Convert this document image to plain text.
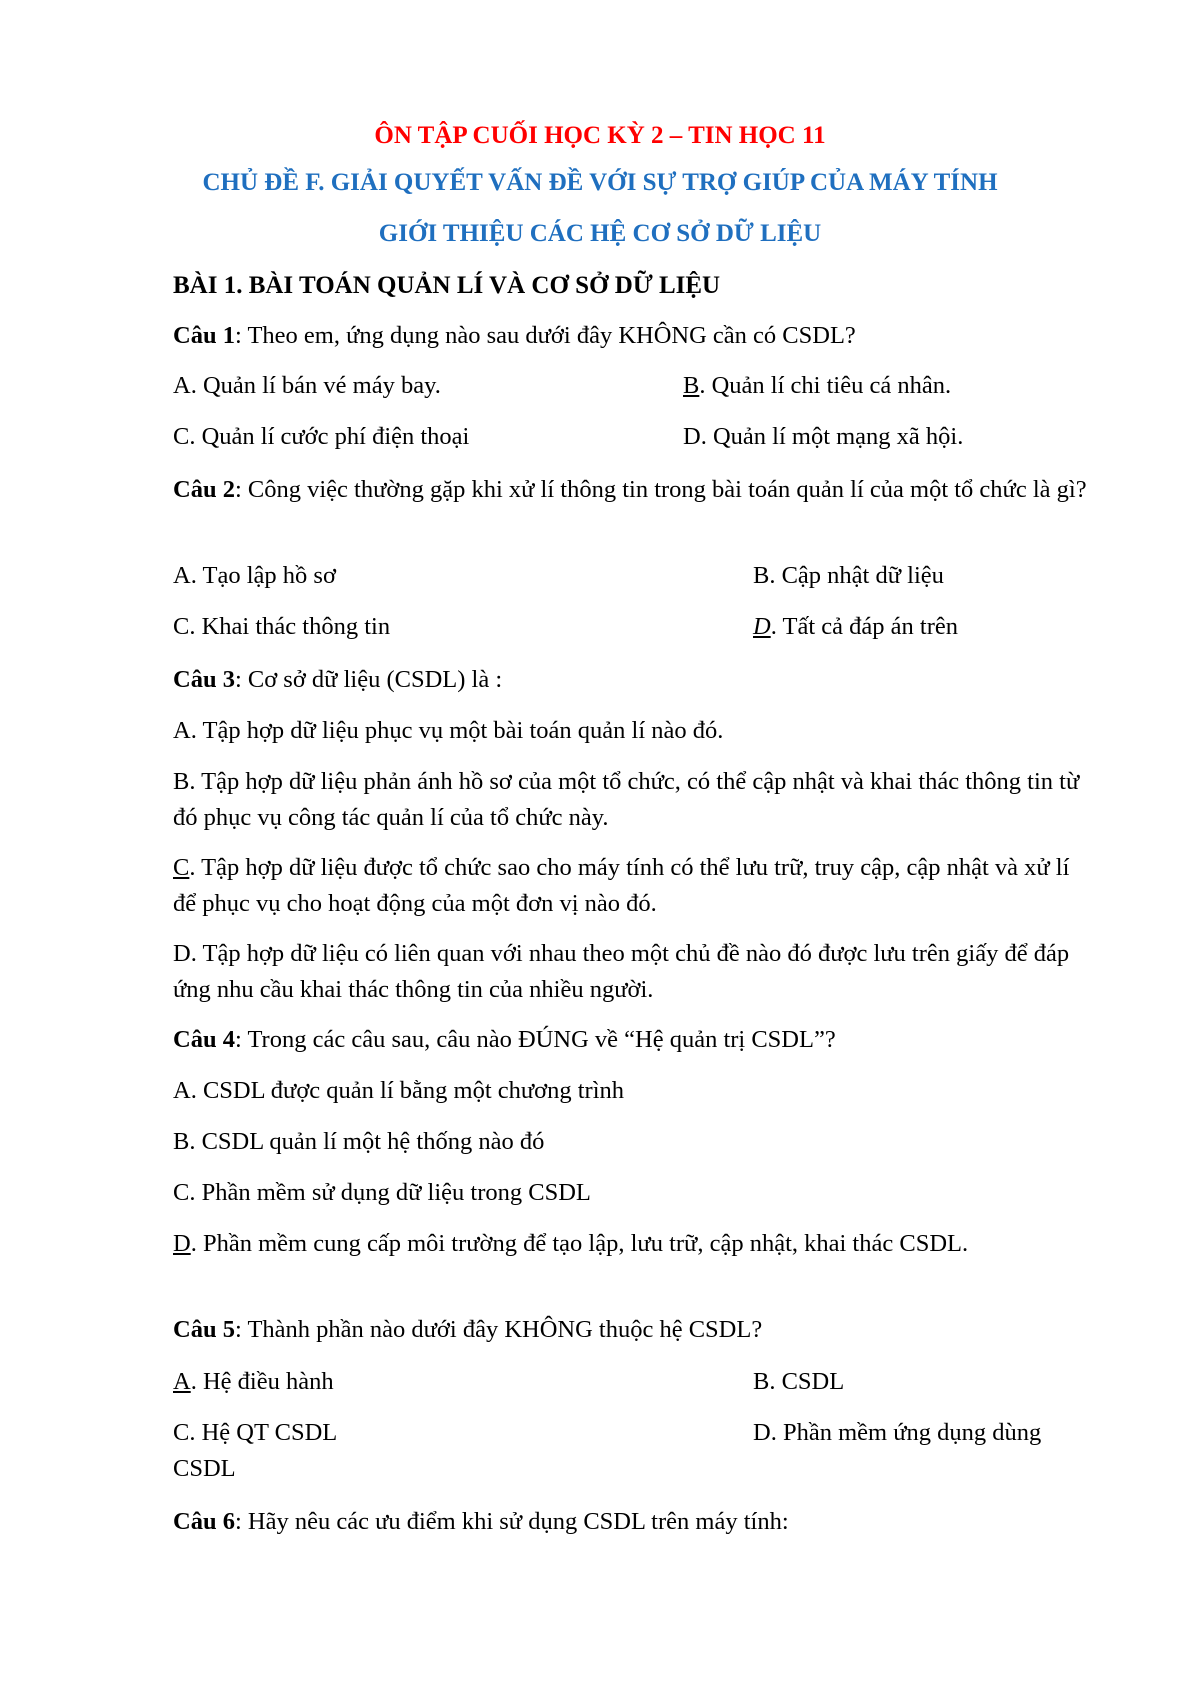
ÔN TẬP CUỐI HỌC KỲ 2 – TIN HỌC 11
CHỦ ĐỀ F. GIẢI QUYẾT VẤN ĐỀ VỚI SỰ TRỢ GIÚP CỦA MÁY TÍNH
GIỚI THIỆU CÁC HỆ CƠ SỞ DỮ LIỆU
BÀI 1. BÀI TOÁN QUẢN LÍ VÀ CƠ SỞ DỮ LIỆU
Câu 1: Theo em, ứng dụng nào sau dưới đây KHÔNG cần có CSDL?
A. Quản lí bán vé máy bay.	B. Quản lí chi tiêu cá nhân.
C. Quản lí cước phí điện thoại	D. Quản lí một mạng xã hội.
Câu 2: Công việc thường gặp khi xử lí thông tin trong bài toán quản lí của một tổ chức là gì?
A. Tạo lập hồ sơ	B. Cập nhật dữ liệu
C. Khai thác thông tin	D. Tất cả đáp án trên
Câu 3: Cơ sở dữ liệu (CSDL) là :
A. Tập hợp dữ liệu phục vụ một bài toán quản lí nào đó.
B. Tập hợp dữ liệu phản ánh hồ sơ của một tổ chức, có thể cập nhật và khai thác thông tin từ đó phục vụ công tác quản lí của tổ chức này.
C. Tập hợp dữ liệu được tổ chức sao cho máy tính có thể lưu trữ, truy cập, cập nhật và xử lí để phục vụ cho hoạt động của một đơn vị nào đó.
D. Tập hợp dữ liệu có liên quan với nhau theo một chủ đề nào đó được lưu trên giấy để đáp ứng nhu cầu khai thác thông tin của nhiều người.
Câu 4: Trong các câu sau, câu nào ĐÚNG về “Hệ quản trị CSDL”?
A. CSDL được quản lí bằng một chương trình
B. CSDL quản lí một hệ thống nào đó
C. Phần mềm sử dụng dữ liệu trong CSDL
D. Phần mềm cung cấp môi trường để tạo lập, lưu trữ, cập nhật, khai thác CSDL.
Câu 5: Thành phần nào dưới đây KHÔNG thuộc hệ CSDL?
A. Hệ điều hành	B. CSDL
C. Hệ QT CSDL	D. Phần mềm ứng dụng dùng
CSDL
Câu 6: Hãy nêu các ưu điểm khi sử dụng CSDL trên máy tính:
